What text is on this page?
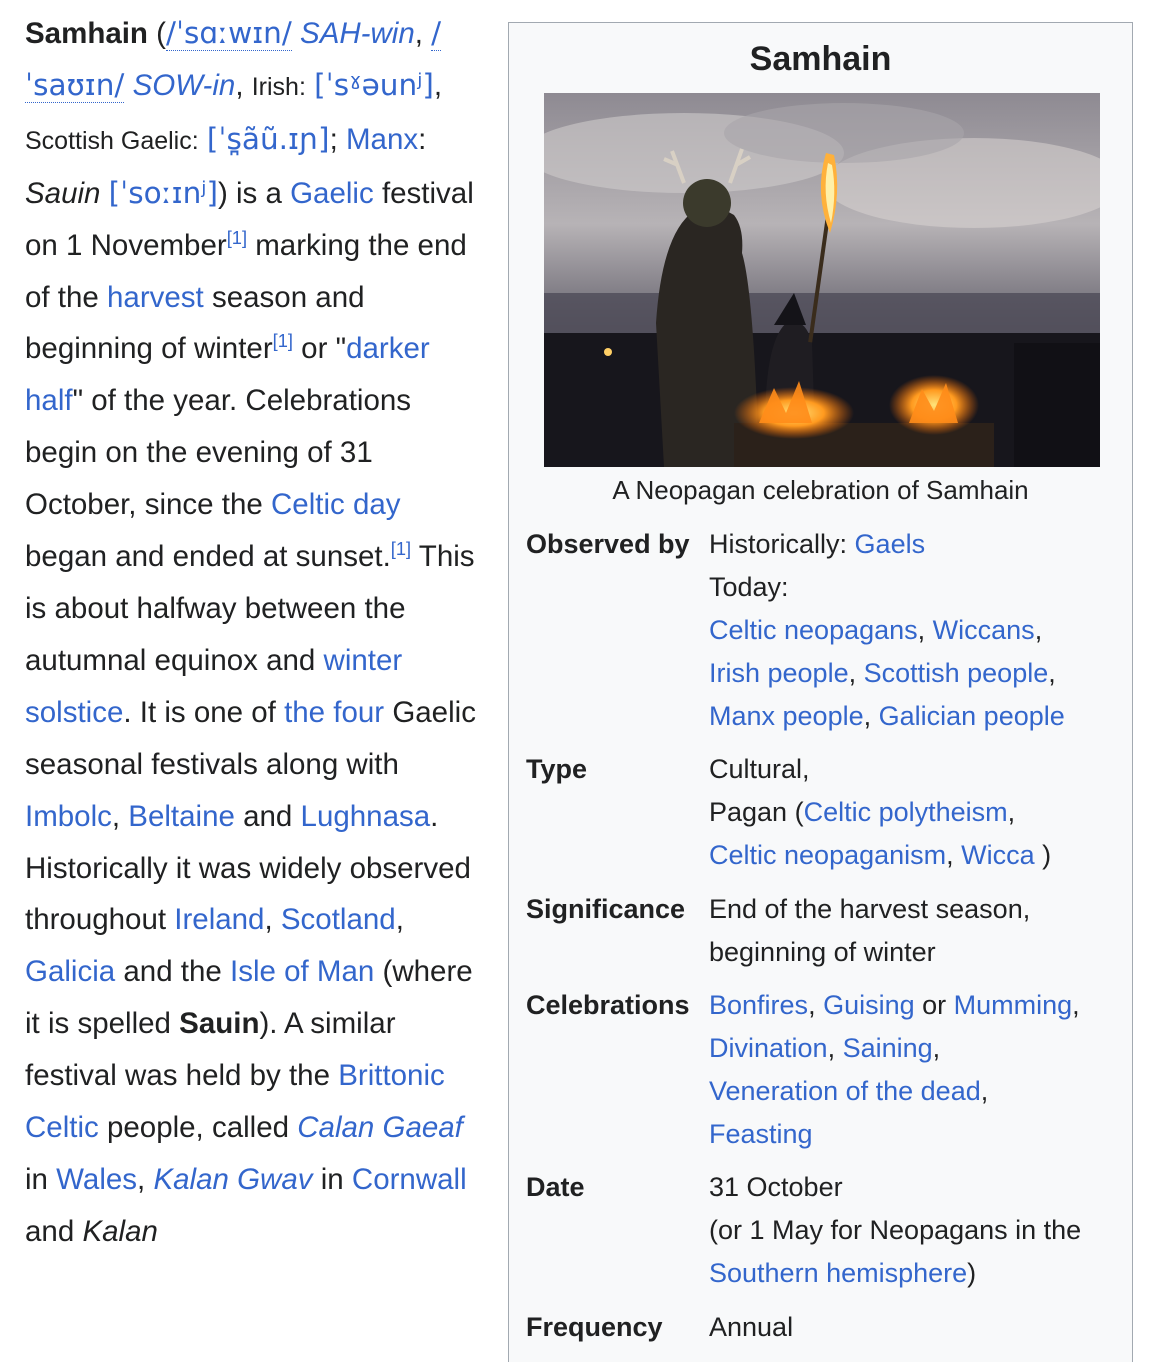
Samhain (/ˈsɑːwɪn/ SAH-win, /ˈsaʊɪn/ SOW-in, Irish: [ˈsˠəunʲ], Scottish Gaelic: [ˈs̪ãũ.ɪɲ]; Manx: Sauin [ˈsoːɪnʲ]) is a Gaelic festival on 1 November[1] marking the end of the harvest season and beginning of winter[1] or "darker half" of the year. Celebrations begin on the evening of 31 October, since the Celtic day began and ended at sunset.[1] This is about halfway between the autumnal equinox and winter solstice. It is one of the four Gaelic seasonal festivals along with Imbolc, Beltaine and Lughnasa. Historically it was widely observed throughout Ireland, Scotland, Galicia and the Isle of Man (where it is spelled Sauin). A similar festival was held by the Brittonic Celtic people, called Calan Gaeaf in Wales, Kalan Gwav in Cornwall and Kalan

Samhain
A Neopagan celebration of Samhain
Observed by Historically: Gaels
Today:
Celtic neopagans, Wiccans,
Irish people, Scottish people,
Manx people, Galician people
Type	Cultural,
Pagan (Celtic polytheism,
Celtic neopaganism, Wicca )
Significance End of the harvest season,
beginning of winter
Celebrations Bonfires, Guising or Mumming,
Divination, Saining,
Veneration of the dead,
Feasting
Date	31 October
(or 1 May for Neopagans in the
Southern hemisphere)
Frequency Annual
